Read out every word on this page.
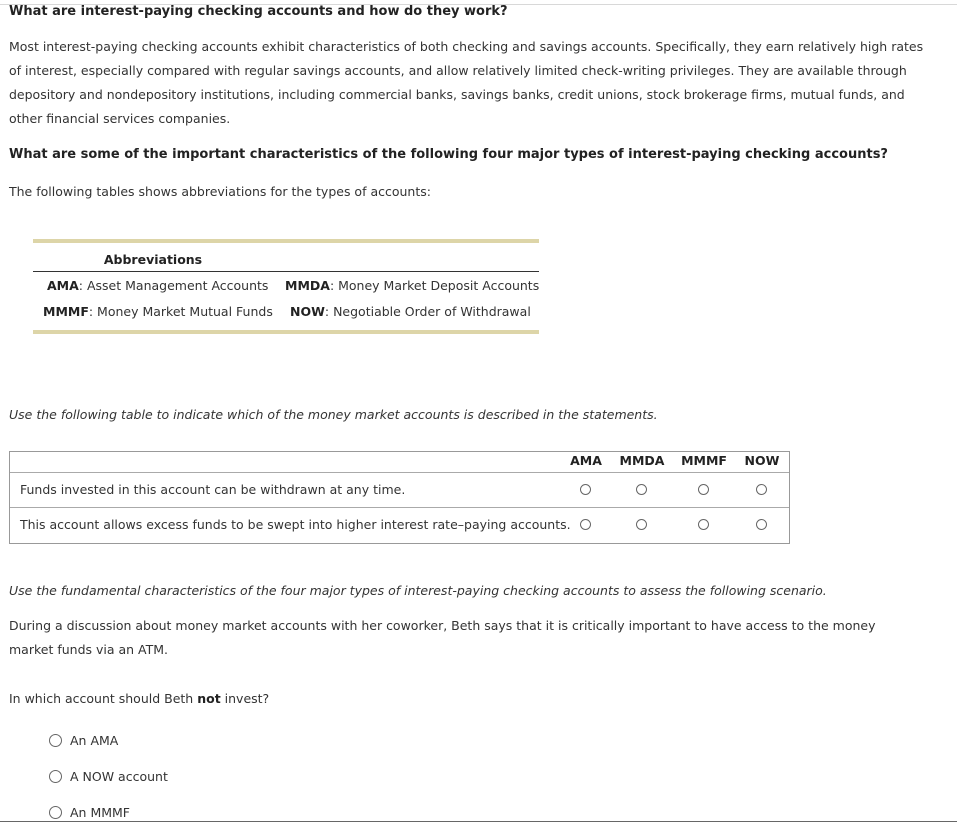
What are interest-paying checking accounts and how do they work?
Most interest-paying checking accounts exhibit characteristics of both checking and savings accounts. Specifically, they earn relatively high rates of interest, especially compared with regular savings accounts, and allow relatively limited check-writing privileges. They are available through depository and nondepository institutions, including commercial banks, savings banks, credit unions, stock brokerage firms, mutual funds, and other financial services companies.
What are some of the important characteristics of the following four major types of interest-paying checking accounts?
The following tables shows abbreviations for the types of accounts:
Abbreviations
AMA: Asset Management Accounts MMDA: Money Market Deposit Accounts
MMMF: Money Market Mutual Funds NOW: Negotiable Order of Withdrawal
Use the following table to indicate which of the money market accounts is described in the statements.
AMA	MMDA	MMMF	NOW
Funds invested in this account can be withdrawn at any time.
This account allows excess funds to be swept into higher interest rate–paying accounts.
Use the fundamental characteristics of the four major types of interest-paying checking accounts to assess the following scenario.
During a discussion about money market accounts with her coworker, Beth says that it is critically important to have access to the money market funds via an ATM.
In which account should Beth not invest?
An AMA
A NOW account
An MMMF
